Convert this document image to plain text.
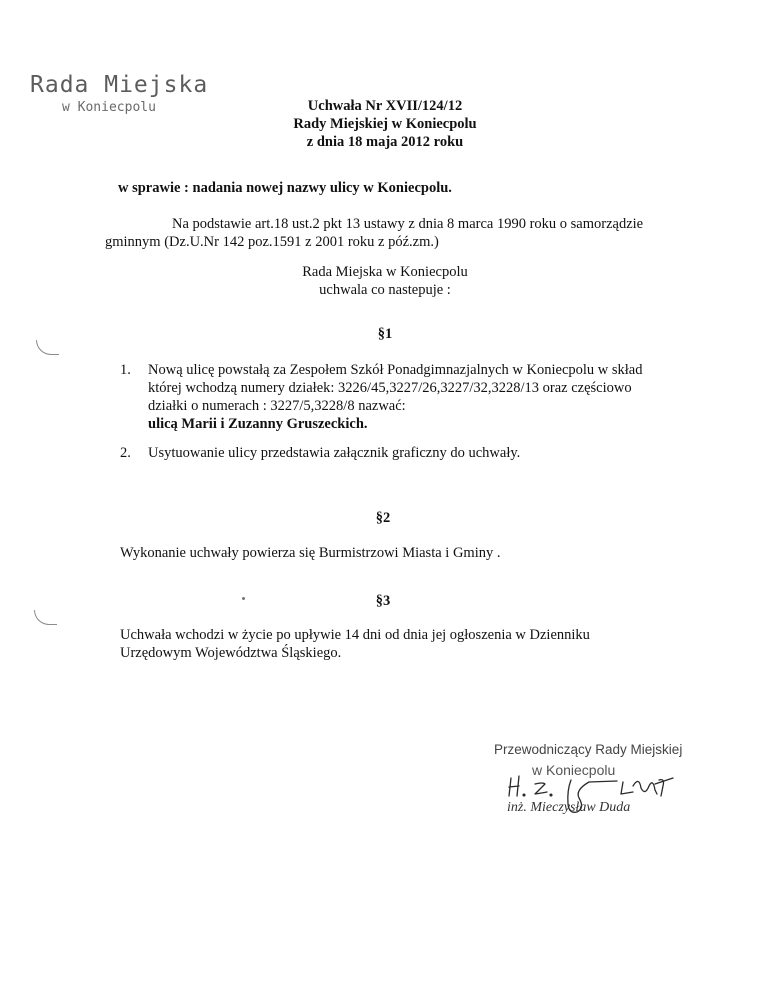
Rada Miejska
w Koniecpolu	Uchwała Nr XVII/124/12
Rady Miejskiej w Koniecpolu
z dnia 18 maja 2012 roku
w sprawie : nadania nowej nazwy ulicy w Koniecpolu.
Na podstawie art.18 ust.2 pkt 13 ustawy z dnia 8 marca 1990 roku o samorządzie
gminnym (Dz.U.Nr 142 poz.1591 z 2001 roku z póź.zm.)
Rada Miejska w Koniecpolu
uchwala co nastepuje :
§1
1. Nową ulicę powstałą za Zespołem Szkół Ponadgimnazjalnych w Koniecpolu w skład
której wchodzą numery działek: 3226/45,3227/26,3227/32,3228/13 oraz częściowo
działki o numerach : 3227/5,3228/8 nazwać:
ulicą Marii i Zuzanny Gruszeckich.
2. Usytuowanie ulicy przedstawia załącznik graficzny do uchwały.
§2
Wykonanie uchwały powierza się Burmistrzowi Miasta i Gminy .
§3
Uchwała wchodzi w życie po upływie 14 dni od dnia jej ogłoszenia w Dzienniku
Urzędowym Województwa Śląskiego.
Przewodniczący Rady Miejskiej
w Koniecpolu
inż. Mieczysław Duda
